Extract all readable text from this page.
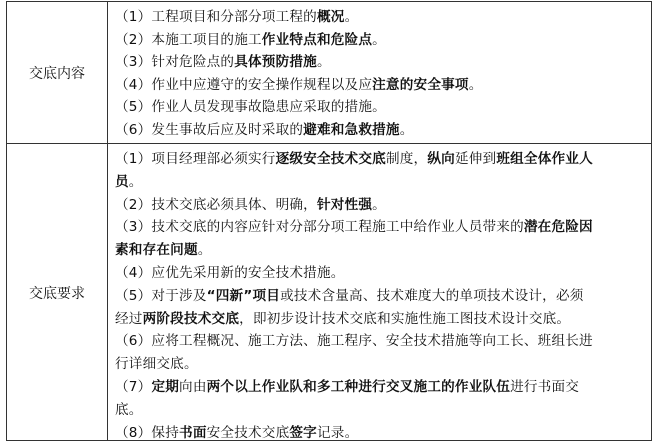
交底内容
（1）工程项目和分部分项工程的概况。
（2）本施工项目的施工作业特点和危险点。
（3）针对危险点的具体预防措施。
（4）作业中应遵守的安全操作规程以及应注意的安全事项。
（5）作业人员发现事故隐患应采取的措施。
（6）发生事故后应及时采取的避难和急救措施。
交底要求
（1）项目经理部必须实行逐级安全技术交底制度，纵向延伸到班组全体作业人
员。
（2）技术交底必须具体、明确，针对性强。
（3）技术交底的内容应针对分部分项工程施工中给作业人员带来的潜在危险因
素和存在问题。
（4）应优先采用新的安全技术措施。
（5）对于涉及“四新”项目或技术含量高、技术难度大的单项技术设计，必须
经过两阶段技术交底，即初步设计技术交底和实施性施工图技术设计交底。
（6）应将工程概况、施工方法、施工程序、安全技术措施等向工长、班组长进
行详细交底。
（7）定期向由两个以上作业队和多工种进行交叉施工的作业队伍进行书面交
底。
（8）保持书面安全技术交底签字记录。
